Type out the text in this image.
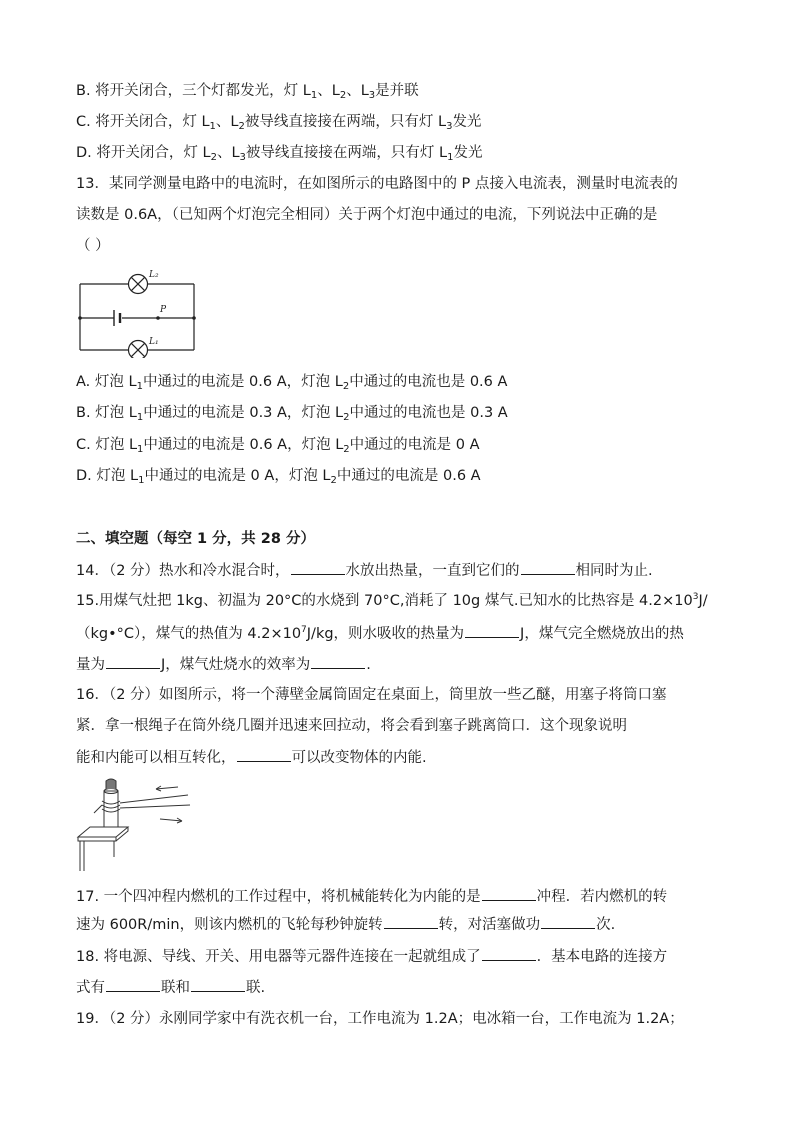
B. 将开关闭合，三个灯都发光，灯 $L_1$、$L_2$、$L_3$是并联
C. 将开关闭合，灯 $L_1$、$L_2$被导线直接接在两端，只有灯 $L_3$发光
D. 将开关闭合，灯 $L_2$、$L_3$被导线直接接在两端，只有灯 $L_1$发光
13．某同学测量电路中的电流时，在如图所示的电路图中的 P 点接入电流表，测量时电流表的
读数是 0.6A，（已知两个灯泡完全相同）关于两个灯泡中通过的电流，下列说法中正确的是
（ ）
L₂
L₁
P
A. 灯泡 $L_1$中通过的电流是 0.6 A，灯泡 $L_2$中通过的电流也是 0.6 A
B. 灯泡 $L_1$中通过的电流是 0.3 A，灯泡 $L_2$中通过的电流也是 0.3 A
C. 灯泡 $L_1$中通过的电流是 0.6 A，灯泡 $L_2$中通过的电流是 0 A
D. 灯泡 $L_1$中通过的电流是 0 A，灯泡 $L_2$中通过的电流是 0.6 A
二、填空题（每空 1 分，共 28 分）
14．（2 分）热水和冷水混合时，	水放出热量，一直到它们的	相同时为止.
15.用煤气灶把 1kg、初温为 20°C的水烧到 70°C,消耗了 10g 煤气.已知水的比热容是 $4.2\times 10^3J/$
（kg•°C），煤气的热值为 $4.2\times 10^7J/kg$，则水吸收的热量为	J，煤气完全燃烧放出的热
量为	J，煤气灶烧水的效率为	.
16．（2 分）如图所示，将一个薄壁金属筒固定在桌面上，筒里放一些乙醚，用塞子将筒口塞
紧．拿一根绳子在筒外绕几圈并迅速来回拉动，将会看到塞子跳离筒口．这个现象说明
能和内能可以相互转化，	可以改变物体的内能.
17. 一个四冲程内燃机的工作过程中，将机械能转化为内能的是	冲程．若内燃机的转
速为 600R/min，则该内燃机的飞轮每秒钟旋转	转，对活塞做功	次.
18. 将电源、导线、开关、用电器等元器件连接在一起就组成了	．基本电路的连接方
式有	联和	联.
19．（2 分）永刚同学家中有洗衣机一台，工作电流为 1.2A；电冰箱一台，工作电流为 1.2A；
